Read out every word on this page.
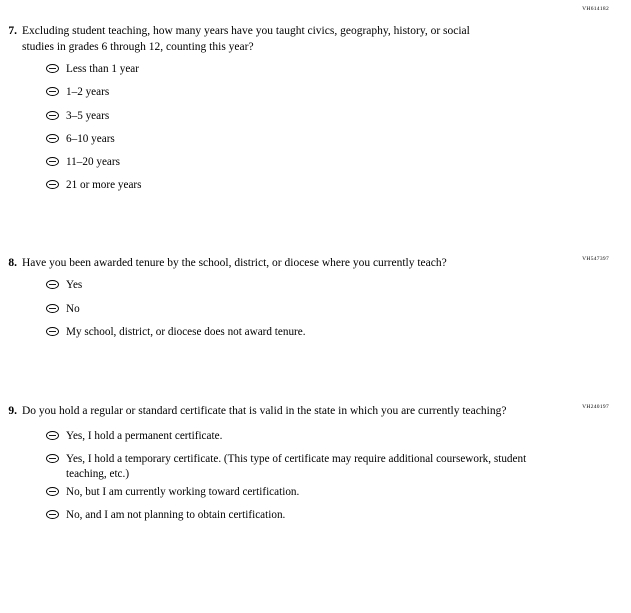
VH614182
7. Excluding student teaching, how many years have you taught civics, geography, history, or social studies in grades 6 through 12, counting this year?
Less than 1 year
1–2 years
3–5 years
6–10 years
11–20 years
21 or more years
VH547397
8. Have you been awarded tenure by the school, district, or diocese where you currently teach?
Yes
No
My school, district, or diocese does not award tenure.
VH240197
9. Do you hold a regular or standard certificate that is valid in the state in which you are currently teaching?
Yes, I hold a permanent certificate.
Yes, I hold a temporary certificate. (This type of certificate may require additional coursework, student teaching, etc.)
No, but I am currently working toward certification.
No, and I am not planning to obtain certification.
